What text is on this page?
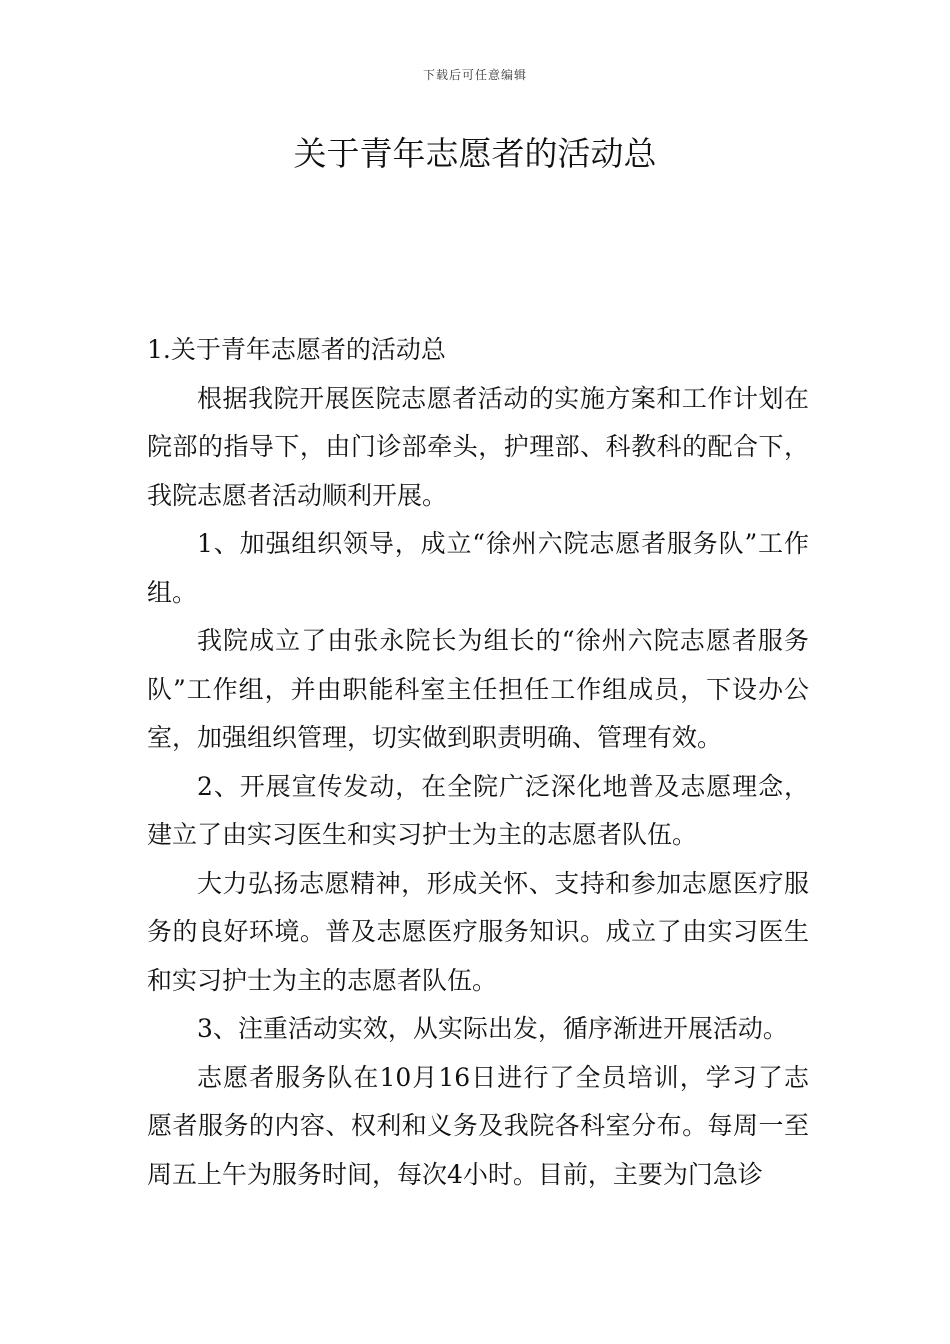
下载后可任意编辑
关于青年志愿者的活动总

1.关于青年志愿者的活动总

根据我院开展医院志愿者活动的实施方案和工作计划在院部的指导下，由门诊部牵头，护理部、科教科的配合下，我院志愿者活动顺利开展。

1、加强组织领导，成立“徐州六院志愿者服务队”工作组。

我院成立了由张永院长为组长的“徐州六院志愿者服务队”工作组，并由职能科室主任担任工作组成员，下设办公室，加强组织管理，切实做到职责明确、管理有效。

2、开展宣传发动，在全院广泛深化地普及志愿理念，建立了由实习医生和实习护士为主的志愿者队伍。

大力弘扬志愿精神，形成关怀、支持和参加志愿医疗服务的良好环境。普及志愿医疗服务知识。成立了由实习医生和实习护士为主的志愿者队伍。

3、注重活动实效，从实际出发，循序渐进开展活动。

志愿者服务队在10月16日进行了全员培训，学习了志愿者服务的内容、权利和义务及我院各科室分布。每周一至周五上午为服务时间，每次4小时。目前，主要为门急诊
